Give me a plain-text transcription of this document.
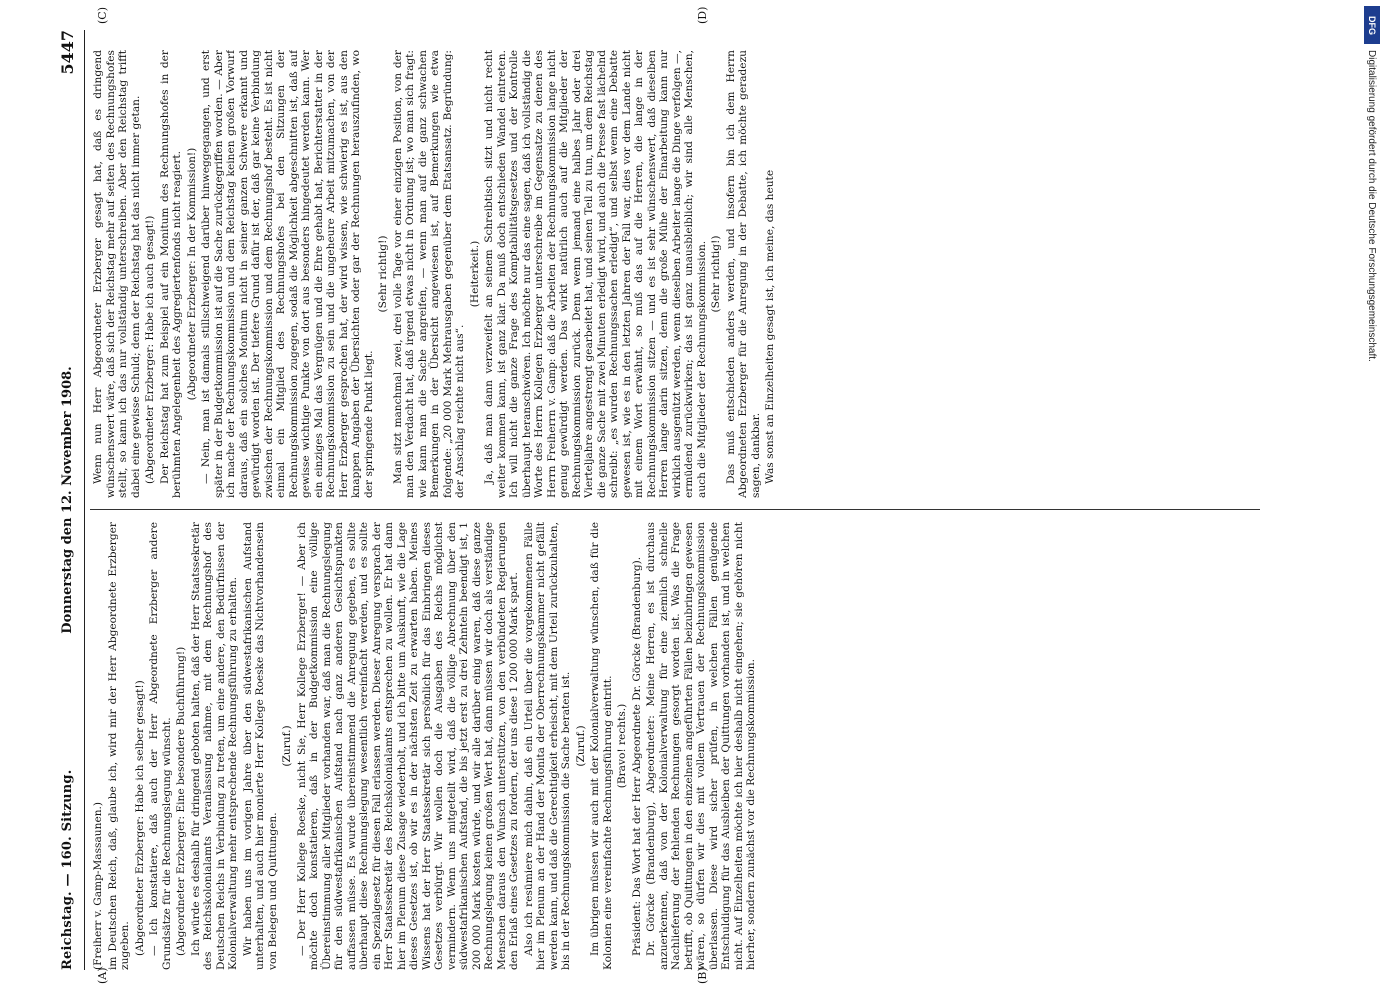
Reichstag. — 160. Sitzung.
Donnerstag den 12. November 1908.
5447
(A)	(B)
(C)	(D)

(Freiherr v. Gamp-Massaunen.) im Deutschen Reich, daß, glaube ich, wird mir der Herr Abgeordnete Erzberger zugeben. (Abgeordneter Erzberger: Habe ich selber gesagt!) — Ich konstatiere, daß auch der Herr Abgeordnete Erzberger andere Grundsätze für die Rechnungslegung wünscht. (Abgeordneter Erzberger: Eine besondere Buchführung!) Ich würde es deshalb für dringend geboten halten, daß der Herr Staatssekretär des Reichskolonialamts Veranlassung nähme, mit dem Rechnungshof des Deutschen Reichs in Verbindung zu treten, um eine andere, den Bedürfnissen der Kolonialverwaltung mehr entsprechende Rechnungsführung zu erhalten. Wir haben uns im vorigen Jahre über den südwestafrikanischen Aufstand unterhalten, und auch hier monierte Herr Kollege Roeske das Nichtvorhandensein von Belegen und Quittungen.

(Zuruf.) — Der Herr Kollege Roeske, nicht Sie, Herr Kollege Erzberger! — Aber ich möchte doch konstatieren, daß in der Budgetkommission eine völlige Übereinstimmung aller Mitglieder vorhanden war, daß man die Rechnungslegung für den südwestafrikanischen Aufstand nach ganz anderen Gesichtspunkten auffassen müsse. Es wurde übereinstimmend die Anregung gegeben, es sollte überhaupt diese Rechnungslegung wesentlich vereinfacht werden, und es sollte ein Spezialgesetz für diesen Fall erlassen werden. Dieser Anregung versprach der Herr Staatssekretär des Reichskolonialamts entsprechen zu wollen. Er hat dann hier im Plenum diese Zusage wiederholt, und ich bitte um Auskunft, wie die Lage dieses Gesetzes ist, ob wir es in der nächsten Zeit zu erwarten haben. Meines Wissens hat der Herr Staatssekretär sich persönlich für das Einbringen dieses Gesetzes verbürgt. Wir wollen doch die Ausgaben des Reichs möglichst vermindern. Wenn uns mitgeteilt wird, daß die völlige Abrechnung über den südwestafrikanischen Aufstand, die bis jetzt erst zu drei Zehnteln beendigt ist, 1 200 000 Mark kosten würde, und wir alle darüber einig waren, daß diese ganze Rechnungslegung keinen großen Wert hat, dann müssen wir doch als verständige Menschen daraus den Wunsch unterstützen, von den verbündeten Regierungen den Erlaß eines Gesetzes zu fordern, der uns diese 1 200 000 Mark spart. Also ich resümiere mich dahin, daß ein Urteil über die vorgekommenen Fälle hier im Plenum an der Hand der Monita der Oberrechnungskammer nicht gefällt werden kann, und daß die Gerechtigkeit erheischt, mit dem Urteil zurückzuhalten, bis in der Rechnungskommission die Sache beraten ist. (Zuruf.) Im übrigen müssen wir auch mit der Kolonialverwaltung wünschen, daß für die Kolonien eine vereinfachte Rechnungsführung eintritt. (Bravo! rechts.) Präsident: Das Wort hat der Herr Abgeordnete Dr. Görcke (Brandenburg). Dr. Görcke (Brandenburg), Abgeordneter: Meine Herren, es ist durchaus anzuerkennen, daß von der Kolonialverwaltung für eine ziemlich schnelle Nachlieferung der fehlenden Rechnungen gesorgt worden ist. Was die Frage betrifft, ob Quittungen in den einzelnen angeführten Fällen beizubringen gewesen wären, so dürfen wir dies mit vollem Vertrauen der Rechnungskommission überlassen. Diese wird sicher prüfen, in welchen Fällen genügende Entschuldigung für das Ausbleiben der Quittungen vorhanden ist, und in welchen nicht. Auf Einzelheiten möchte ich hier deshalb nicht eingehen; sie gehören nicht hierher, sondern zunächst vor die Rechnungskommission.

Wenn nun Herr Abgeordneter Erzberger gesagt hat, daß es dringend wünschenswert wäre, daß sich der Reichstag mehr auf seiten des Rechnungshofes stellt, so kann ich das nur vollständig unterschreiben. Aber den Reichstag trifft dabei eine gewisse Schuld; denn der Reichstag hat das nicht immer getan. (Abgeordneter Erzberger: Habe ich auch gesagt!) Der Reichstag hat zum Beispiel auf ein Monitum des Rechnungshofes in der berühmten Angelegenheit des Aggregiertenfonds nicht reagiert. (Abgeordneter Erzberger: In der Kommission!) — Nein, man ist damals stillschweigend darüber hinweggegangen, und erst später in der Budgetkommission ist auf die Sache zurückgegriffen worden. — Aber ich mache der Rechnungskommission und dem Reichstag keinen großen Vorwurf daraus, daß ein solches Monitum nicht in seiner ganzen Schwere erkannt und gewürdigt worden ist. Der tiefere Grund dafür ist der, daß gar keine Verbindung zwischen der Rechnungskommission und dem Rechnungshof besteht. Es ist nicht einmal ein Mitglied des Rechnungshofes bei den Sitzungen der Rechnungskommission zugegen, sodaß die Möglichkeit abgeschnitten ist, daß auf gewisse wichtige Punkte von dort aus besonders hingedeutet werden kann. Wer ein einziges Mal das Vergnügen und die Ehre gehabt hat, Berichterstatter in der Rechnungskommission zu sein und die ungeheure Arbeit mitzumachen, von der Herr Erzberger gesprochen hat, der wird wissen, wie schwierig es ist, aus den knappen Angaben der Übersichten oder gar der Rechnungen herauszufinden, wo der springende Punkt liegt.

(Sehr richtig!) Man sitzt manchmal zwei, drei volle Tage vor einer einzigen Position, von der man den Verdacht hat, daß irgend etwas nicht in Ordnung ist; wo man sich fragt: wie kann man die Sache angreifen, — wenn man auf die ganz schwachen Bemerkungen in der Übersicht angewiesen ist, auf Bemerkungen wie etwa folgende: „20 000 Mark Mehrausgaben gegenüber dem Etatsansatz. Begründung: der Anschlag reichte nicht aus“.

(Heiterkeit.) Ja, daß man dann verzweifelt an seinem Schreibtisch sitzt und nicht recht weiter kommen kann, ist ganz klar. Da muß doch entschieden Wandel eintreten. Ich will nicht die ganze Frage des Komptabilitätsgesetzes und der Kontrolle überhaupt heranschwören. Ich möchte nur das eine sagen, daß ich vollständig die Worte des Herrn Kollegen Erzberger unterschreibe im Gegensatze zu denen des Herrn Freiherrn v. Gamp: daß die Arbeiten der Rechnungskommission lange nicht genug gewürdigt werden. Das wirkt natürlich auch auf die Mitglieder der Rechnungskommission zurück. Denn wenn jemand eine halbes Jahr oder drei Vierteljahre angestrengt gearbeitet hat, und seinen Teil zu tun, um dem Reichstag die ganze Sache mit zwei Minuten erledigt wird, und auch die Presse fast lächelnd schreibt: „es wurden Rechnungssachen erledigt“, und selbst wenn eine Debatte gewesen ist, wie es in den letzten Jahren der Fall war, dies vor dem Lande nicht mit einem Wort erwähnt, so muß das auf die Herren, die lange in der Rechnungskommission sitzen — und es ist sehr wünschenswert, daß dieselben Herren lange darin sitzen, denn die große Mühe der Einarbeitung kann nur wirklich ausgenützt werden, wenn dieselben Arbeiter lange die Dinge verfolgen —, ermüdend zurückwirken; das ist ganz unausbleiblich; wir sind alle Menschen, auch die Mitglieder der Rechnungskommission. (Sehr richtig!) Das muß entschieden anders werden, und insofern bin ich dem Herrn Abgeordneten Erzberger für die Anregung in der Debatte, ich möchte geradezu sagen, dankbar. Was sonst an Einzelheiten gesagt ist, ich meine, das heute

DFG
Digitalisierung gefördert durch die Deutsche Forschungsgemeinschaft.
